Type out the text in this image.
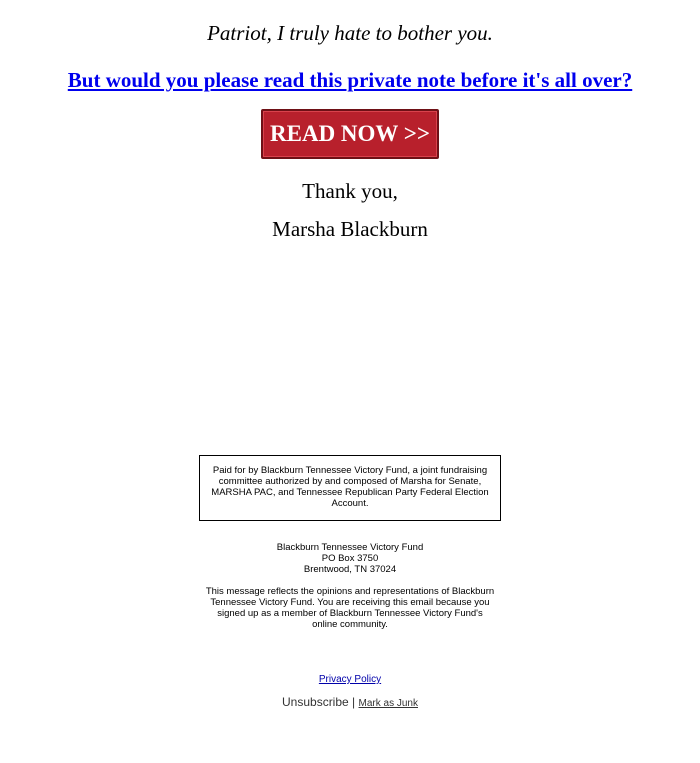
Patriot, I truly hate to bother you.
But would you please read this private note before it's all over?
READ NOW >>
Thank you,
Marsha Blackburn
Paid for by Blackburn Tennessee Victory Fund, a joint fundraising committee authorized by and composed of Marsha for Senate, MARSHA PAC, and Tennessee Republican Party Federal Election Account.
Blackburn Tennessee Victory Fund
PO Box 3750
Brentwood, TN 37024
This message reflects the opinions and representations of Blackburn Tennessee Victory Fund. You are receiving this email because you signed up as a member of Blackburn Tennessee Victory Fund's online community.
Privacy Policy
Unsubscribe | Mark as Junk
